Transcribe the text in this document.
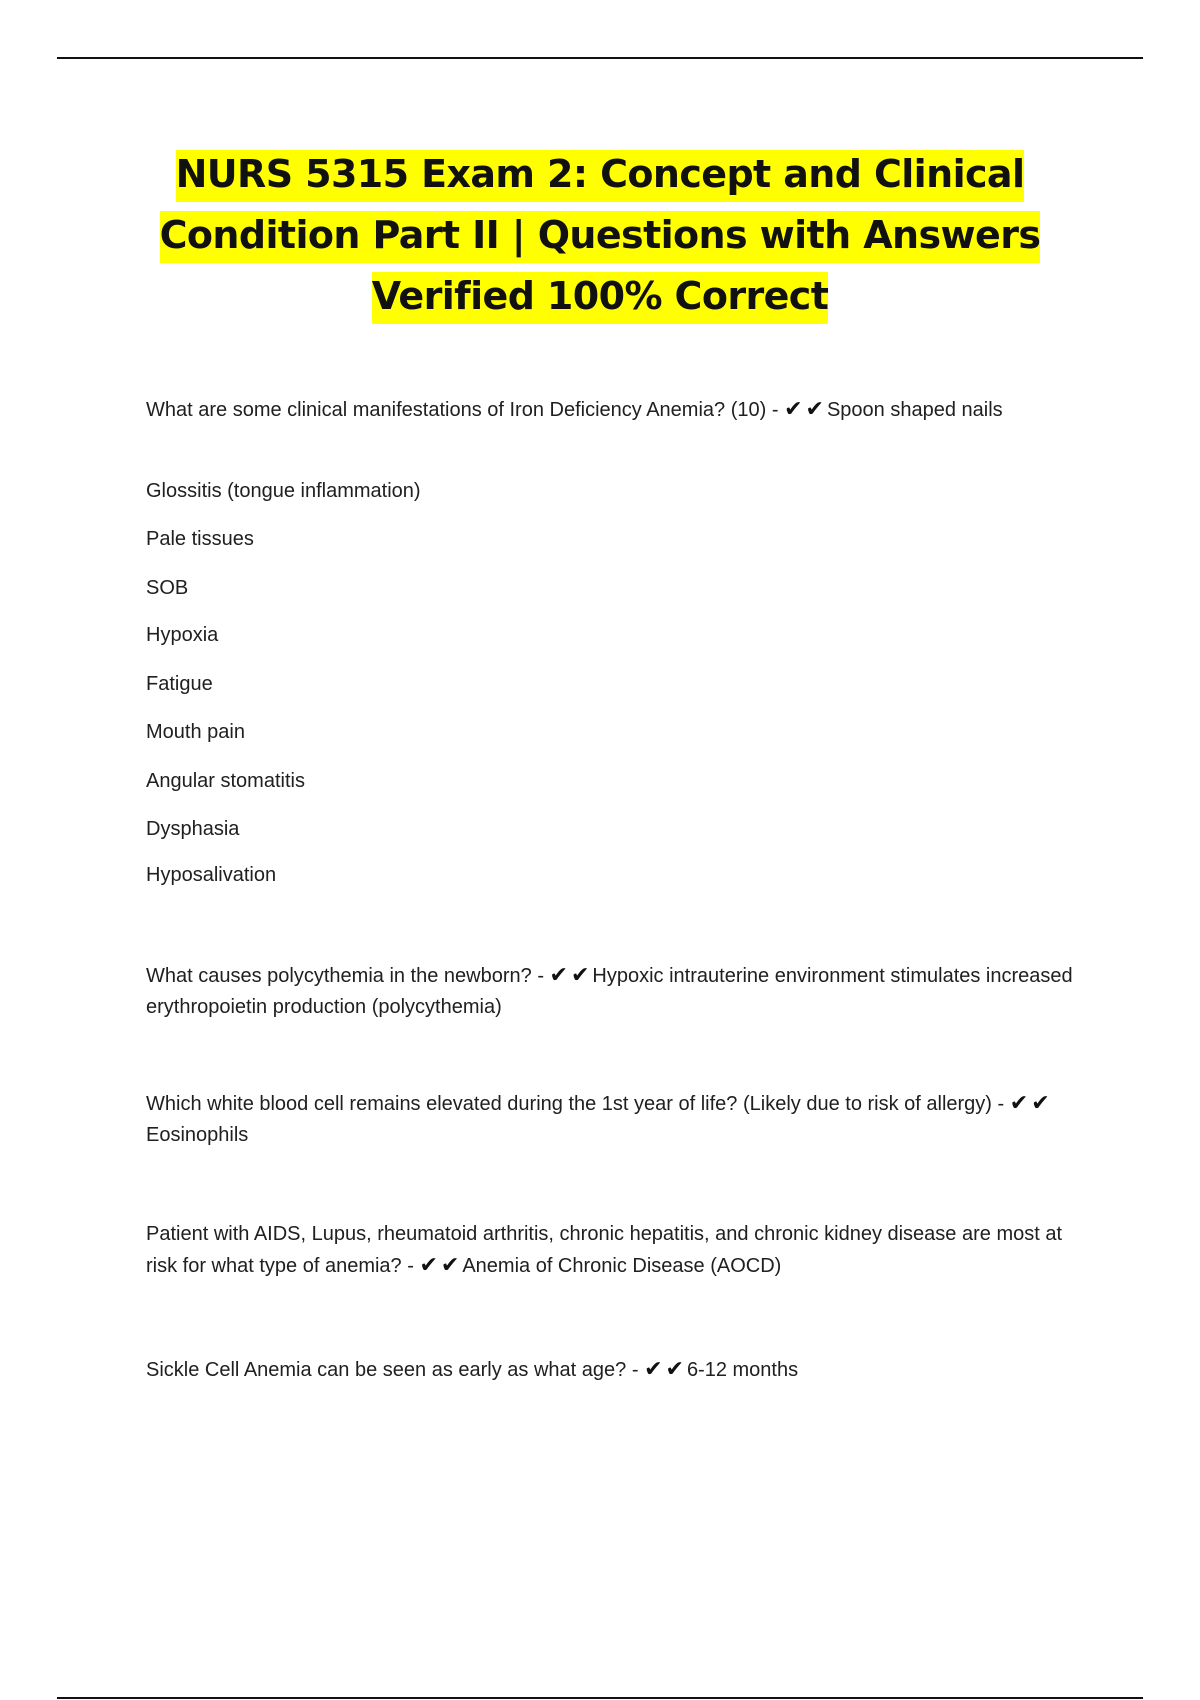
NURS 5315 Exam 2: Concept and Clinical
Condition Part II | Questions with Answers
Verified 100% Correct

What are some clinical manifestations of Iron Deficiency Anemia? (10) - ✔ ✔ Spoon shaped nails

Glossitis (tongue inflammation)

Pale tissues

SOB

Hypoxia

Fatigue

Mouth pain

Angular stomatitis

Dysphasia

Hyposalivation

What causes polycythemia in the newborn? - ✔ ✔ Hypoxic intrauterine environment stimulates increased erythropoietin production (polycythemia)

Which white blood cell remains elevated during the 1st year of life? (Likely due to risk of allergy) - ✔ ✔Eosinophils

Patient with AIDS, Lupus, rheumatoid arthritis, chronic hepatitis, and chronic kidney disease are most at risk for what type of anemia? - ✔ ✔ Anemia of Chronic Disease (AOCD)

Sickle Cell Anemia can be seen as early as what age? - ✔ ✔ 6-12 months
